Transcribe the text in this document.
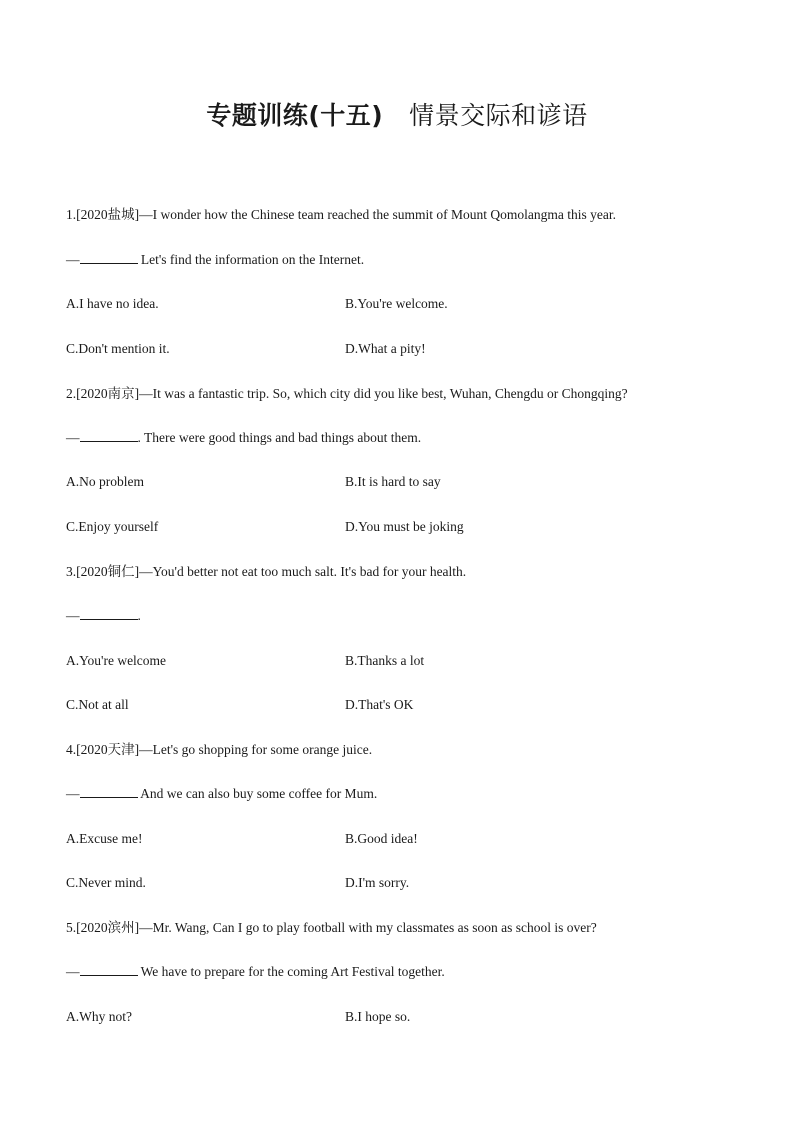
专题训练(十五) 情景交际和谚语
1.[2020盐城]—I wonder how the Chinese team reached the summit of Mount Qomolangma this year.
—	Let's find the information on the Internet.
A.I have no idea.	B.You're welcome.
C.Don't mention it.	D.What a pity!
2.[2020南京]—It was a fantastic trip. So, which city did you like best, Wuhan, Chengdu or Chongqing?
—	. There were good things and bad things about them.
A.No problem	B.It is hard to say
C.Enjoy yourself	D.You must be joking
3.[2020铜仁]—You'd better not eat too much salt. It's bad for your health.
—	.
A.You're welcome	B.Thanks a lot
C.Not at all	D.That's OK
4.[2020天津]—Let's go shopping for some orange juice.
—	And we can also buy some coffee for Mum.
A.Excuse me!	B.Good idea!
C.Never mind.	D.I'm sorry.
5.[2020滨州]—Mr. Wang, Can I go to play football with my classmates as soon as school is over?
—	We have to prepare for the coming Art Festival together.
A.Why not?	B.I hope so.
